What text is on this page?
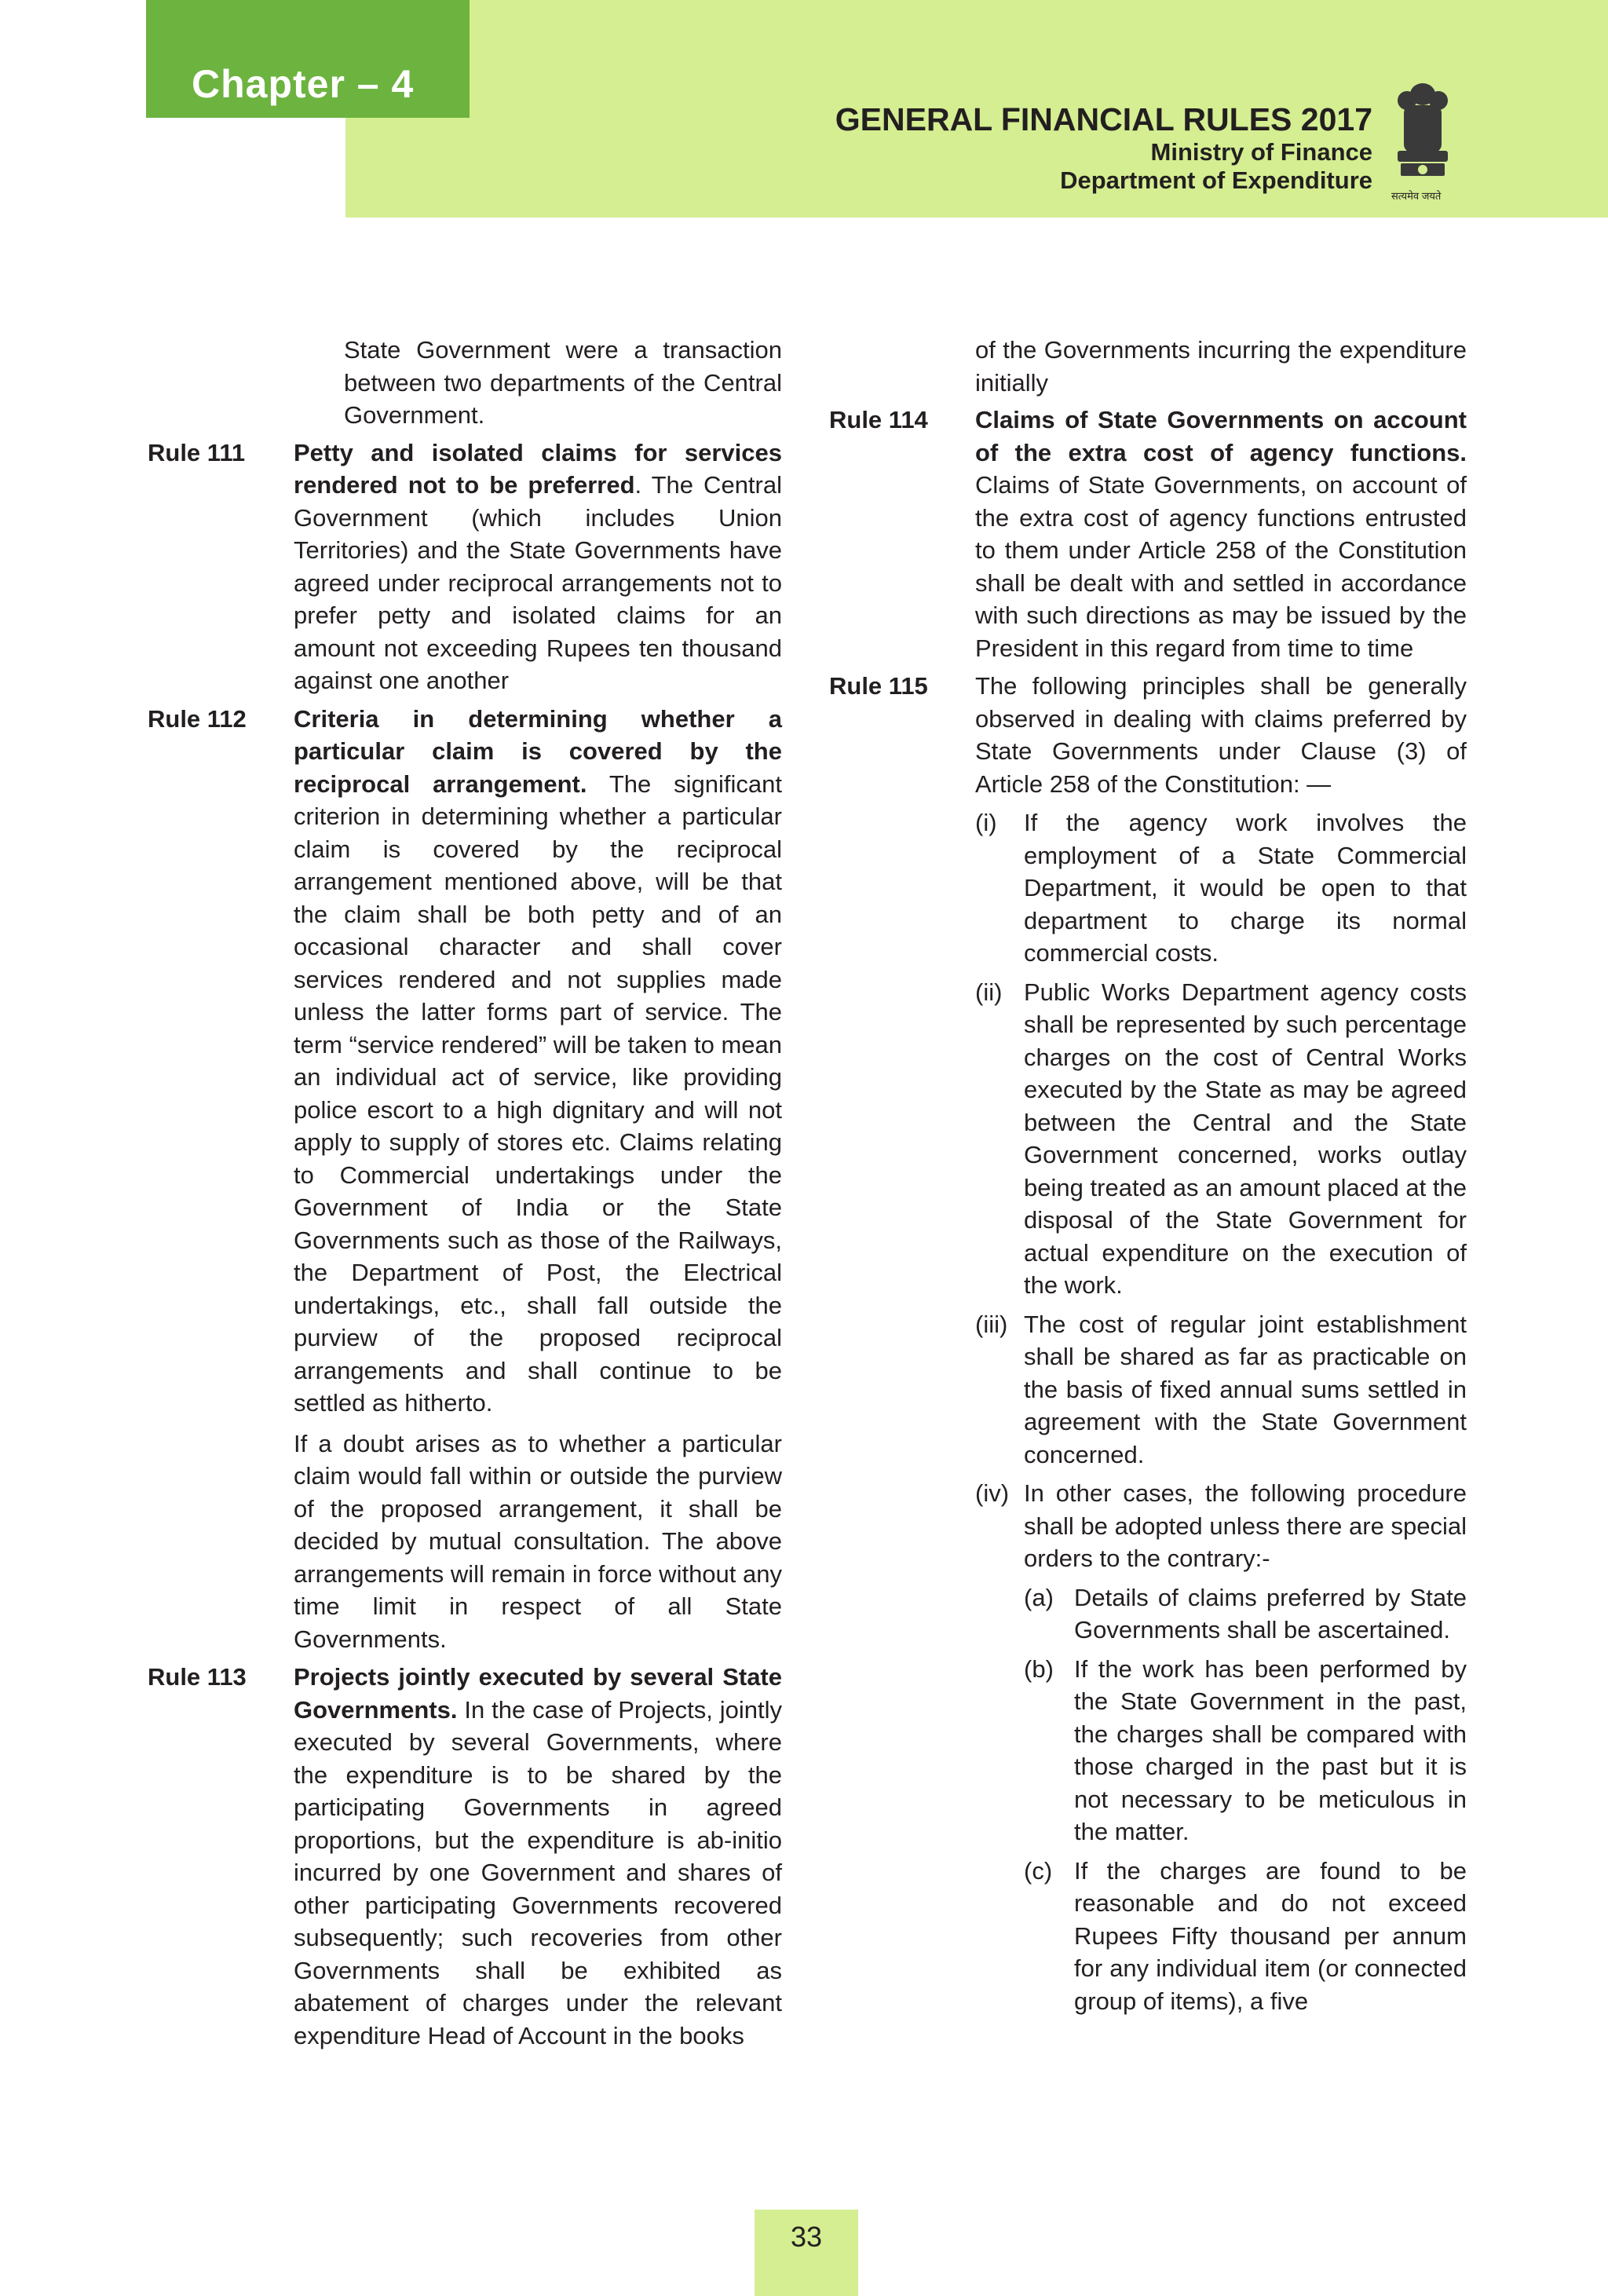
Chapter – 4
GENERAL FINANCIAL RULES 2017
Ministry of Finance
Department of Expenditure
सत्यमेव जयते
State Government were a transaction between two departments of the Central Government.
Rule 111	Petty and isolated claims for services rendered not to be preferred. The Central Government (which includes Union Territories) and the State Governments have agreed under reciprocal arrangements not to prefer petty and isolated claims for an amount not exceeding Rupees ten thousand against one another
Rule 112	Criteria in determining whether a particular claim is covered by the reciprocal arrangement. The significant criterion in determining whether a particular claim is covered by the reciprocal arrangement mentioned above, will be that the claim shall be both petty and of an occasional character and shall cover services rendered and not supplies made unless the latter forms part of service. The term “service rendered” will be taken to mean an individual act of service, like providing police escort to a high dignitary and will not apply to supply of stores etc. Claims relating to Commercial undertakings under the Government of India or the State Governments such as those of the Railways, the Department of Post, the Electrical undertakings, etc., shall fall outside the purview of the proposed reciprocal arrangements and shall continue to be settled as hitherto.
If a doubt arises as to whether a particular claim would fall within or outside the purview of the proposed arrangement, it shall be decided by mutual consultation. The above arrangements will remain in force without any time limit in respect of all State Governments.
Rule 113	Projects jointly executed by several State Governments. In the case of Projects, jointly executed by several Governments, where the expenditure is to be shared by the participating Governments in agreed proportions, but the expenditure is ab-initio incurred by one Government and shares of other participating Governments recovered subsequently; such recoveries from other Governments shall be exhibited as abatement of charges under the relevant expenditure Head of Account in the books
of the Governments incurring the expenditure initially
Rule 114	Claims of State Governments on account of the extra cost of agency functions. Claims of State Governments, on account of the extra cost of agency functions entrusted to them under Article 258 of the Constitution shall be dealt with and settled in accordance with such directions as may be issued by the President in this regard from time to time
Rule 115	The following principles shall be generally observed in dealing with claims preferred by State Governments under Clause (3) of Article 258 of the Constitution: —
(i)	If the agency work involves the employment of a State Commercial Department, it would be open to that department to charge its normal commercial costs.
(ii) Public Works Department agency costs shall be represented by such percentage charges on the cost of Central Works executed by the State as may be agreed between the Central and the State Government concerned, works outlay being treated as an amount placed at the disposal of the State Government for actual expenditure on the execution of the work.
(iii) The cost of regular joint establishment shall be shared as far as practicable on the basis of fixed annual sums settled in agreement with the State Government concerned.
(iv) In other cases, the following procedure shall be adopted unless there are special orders to the contrary:-
(a) Details of claims preferred by State Governments shall be ascertained.
(b) If the work has been performed by the State Government in the past, the charges shall be compared with those charged in the past but it is not necessary to be meticulous in the matter.
(c) If the charges are found to be reasonable and do not exceed Rupees Fifty thousand per annum for any individual item (or connected group of items), a five
33
